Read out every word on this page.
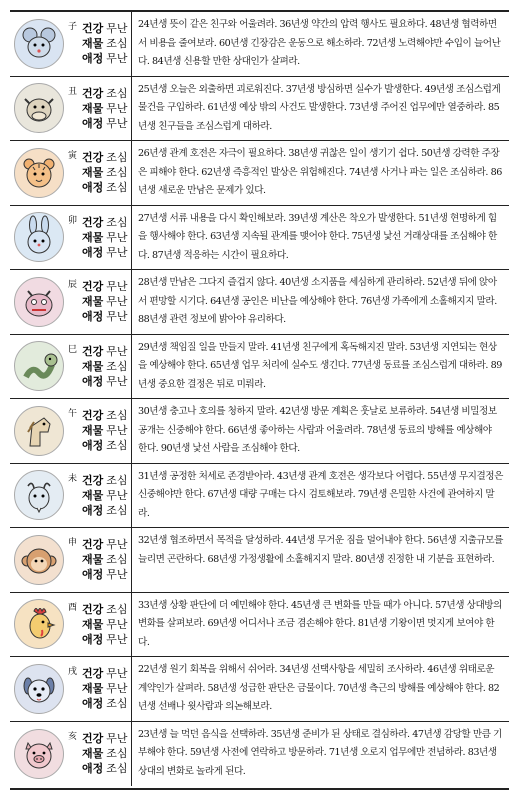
子 건강 무난
재물 조심
애정 무난
24년생 뜻이 같은 친구와 어울려라. 36년생 약간의 압력 행사도 필요하다. 48년생 협력하면서 비용을 줄여보라. 60년생 긴장감은 운동으로 해소하라. 72년생 노력해야만 수입이 늘어난다. 84년생 신용할 만한 상대인가 살펴라.
丑 건강 조심
재물 무난
애정 무난
25년생 오늘은 외출하면 괴로워진다. 37년생 방심하면 실수가 발생한다. 49년생 조심스럽게 물건을 구입하라. 61년생 예상 밖의 사건도 발생한다. 73년생 주어진 업무에만 열중하라. 85년생 친구들을 조심스럽게 대하라.
寅 건강 조심
재물 조심
애정 조심
26년생 관계 호전은 자극이 필요하다. 38년생 귀찮은 일이 생기기 쉽다. 50년생 강력한 주장은 피해야 한다. 62년생 즉흥적인 발상은 위험해진다. 74년생 사거나 파는 일은 조심하라. 86년생 새로운 만남은 문제가 있다.
卯 건강 조심
재물 무난
애정 무난
27년생 서류 내용을 다시 확인해보라. 39년생 계산은 착오가 발생한다. 51년생 현명하게 힘을 행사해야 한다. 63년생 지속될 관계를 맺어야 한다. 75년생 낯선 거래상대를 조심해야 한다. 87년생 적응하는 시간이 필요하다.
辰 건강 무난
재물 무난
애정 무난
28년생 만남은 그다지 즐겁지 않다. 40년생 소지품을 세심하게 관리하라. 52년생 뒤에 앉아서 편망할 시기다. 64년생 공인은 비난을 예상해야 한다. 76년생 가족에게 소홀해지지 말라. 88년생 관련 정보에 밝아야 유리하다.
巳 건강 무난
재물 조심
애정 무난
29년생 책임질 일을 만들지 말라. 41년생 친구에게 혹독해지진 말라. 53년생 지연되는 현상을 예상해야 한다. 65년생 업무 처리에 실수도 생긴다. 77년생 동료를 조심스럽게 대하라. 89년생 중요한 결정은 뒤로 미뤄라.
午 건강 조심
재물 무난
애정 조심
30년생 충고나 호의를 청하지 말라. 42년생 방문 계획은 훗날로 보류하라. 54년생 비밀정보 공개는 신중해야 한다. 66년생 좋아하는 사람과 어울려라. 78년생 동료의 방해를 예상해야 한다. 90년생 낯선 사람을 조심해야 한다.
未 건강 조심
재물 무난
애정 조심
31년생 공정한 처세로 존경받아라. 43년생 관계 호전은 생각보다 어렵다. 55년생 무지결정은 신중해야만 한다. 67년생 대량 구매는 다시 검토해보라. 79년생 은밀한 사건에 관여하지 말라.
申 건강 무난
재물 조심
애정 무난
32년생 협조하면서 목적을 달성하라. 44년생 무거운 짐을 덜어내야 한다. 56년생 지출규모를 늘리면 곤란하다. 68년생 가정생활에 소홀해지지 말라. 80년생 진정한 내 기분을 표현하라.
酉 건강 조심
재물 무난
애정 무난
33년생 상황 판단에 더 예민해야 한다. 45년생 큰 변화를 만들 때가 아니다. 57년생 상대방의 변화를 살펴보라. 69년생 어디서나 조금 겸손해야 한다. 81년생 기왕이면 멋지게 보여야 한다.
戌 건강 무난
재물 무난
애정 조심
22년생 원기 회복을 위해서 쉬어라. 34년생 선택사항을 세밀히 조사하라. 46년생 위태로운 계약인가 살펴라. 58년생 성급한 판단은 금물이다. 70년생 측근의 방해를 예상해야 한다. 82년생 선배나 윗사람과 의논해보라.
亥 건강 무난
재물 조심
애정 조심
23년생 늘 먹던 음식을 선택하라. 35년생 준비가 된 상태로 결심하라. 47년생 감당할 만큼 기부해야 한다. 59년생 사전에 연락하고 방문하라. 71년생 오로지 업무에만 전념하라. 83년생 상대의 변화로 놀라게 된다.
